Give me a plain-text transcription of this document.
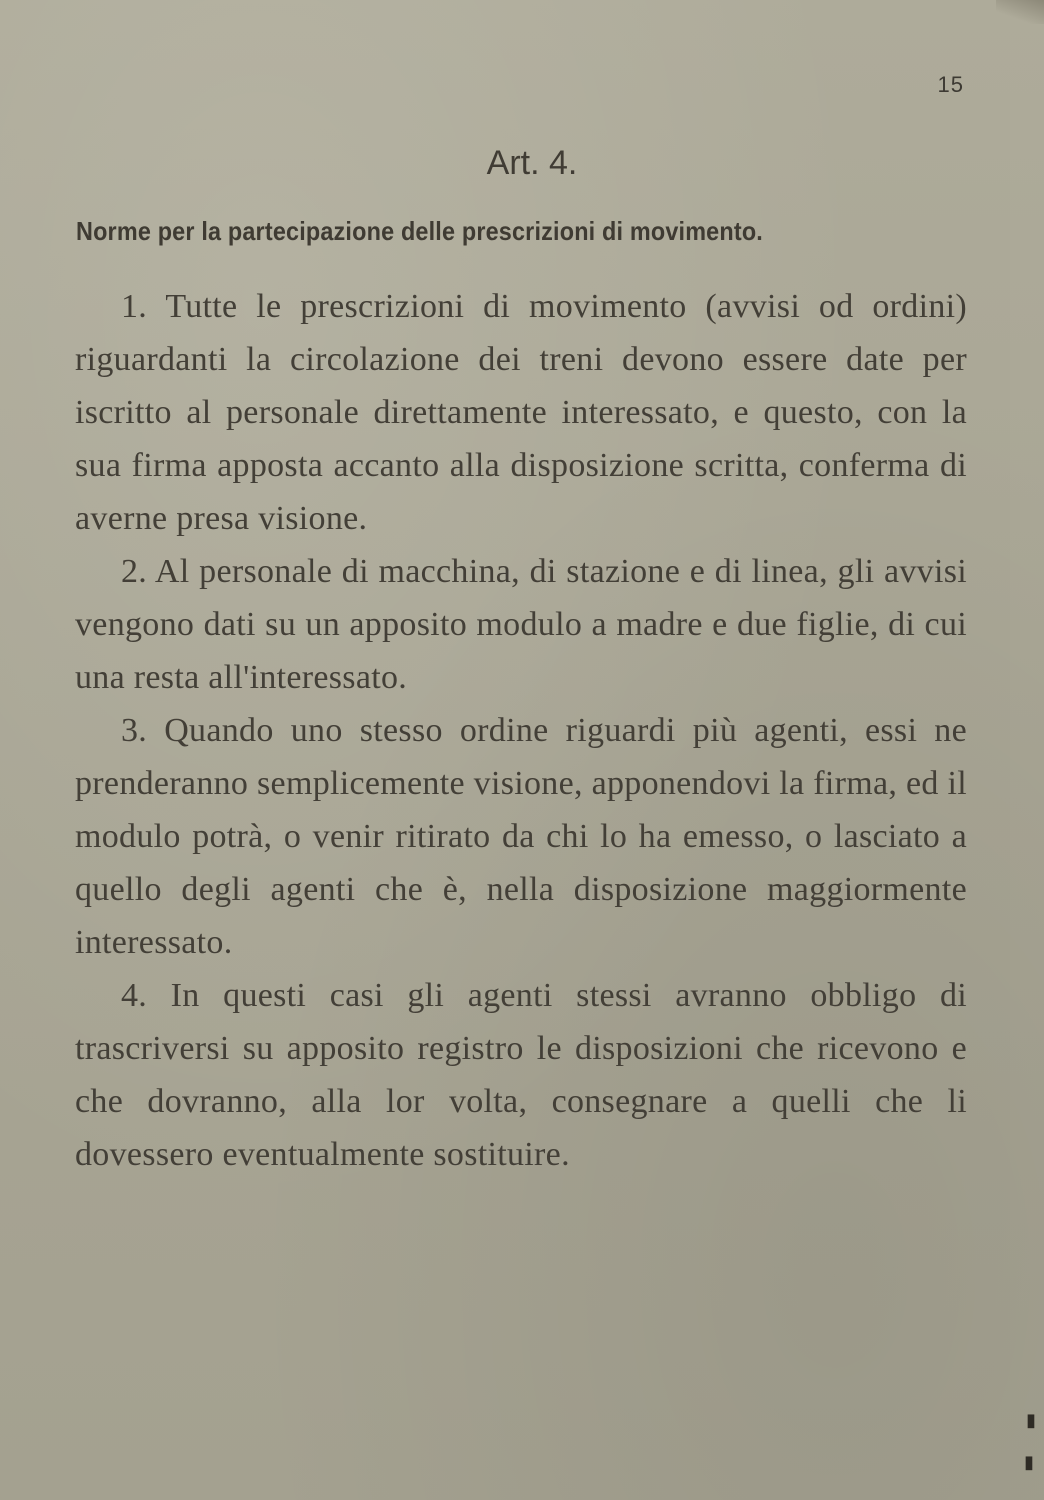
15
Art. 4.
Norme per la partecipazione delle prescrizioni di movimento.

1. Tutte le prescrizioni di movimento (avvisi od ordini) riguardanti la circolazione dei treni devono essere date per iscritto al personale direttamente interessato, e questo, con la sua firma apposta accanto alla disposizione scritta, conferma di averne presa visione.

2. Al personale di macchina, di stazione e di linea, gli avvisi vengono dati su un apposito modulo a madre e due figlie, di cui una resta all'interessato.

3. Quando uno stesso ordine riguardi più agenti, essi ne prenderanno semplicemente visione, apponendovi la firma, ed il modulo potrà, o venir ritirato da chi lo ha emesso, o lasciato a quello degli agenti che è, nella disposizione maggiormente interessato.

4. In questi casi gli agenti stessi avranno obbligo di trascriversi su apposito registro le disposizioni che ricevono e che dovranno, alla lor volta, consegnare a quelli che li dovessero eventualmente sostituire.

▮
▮
